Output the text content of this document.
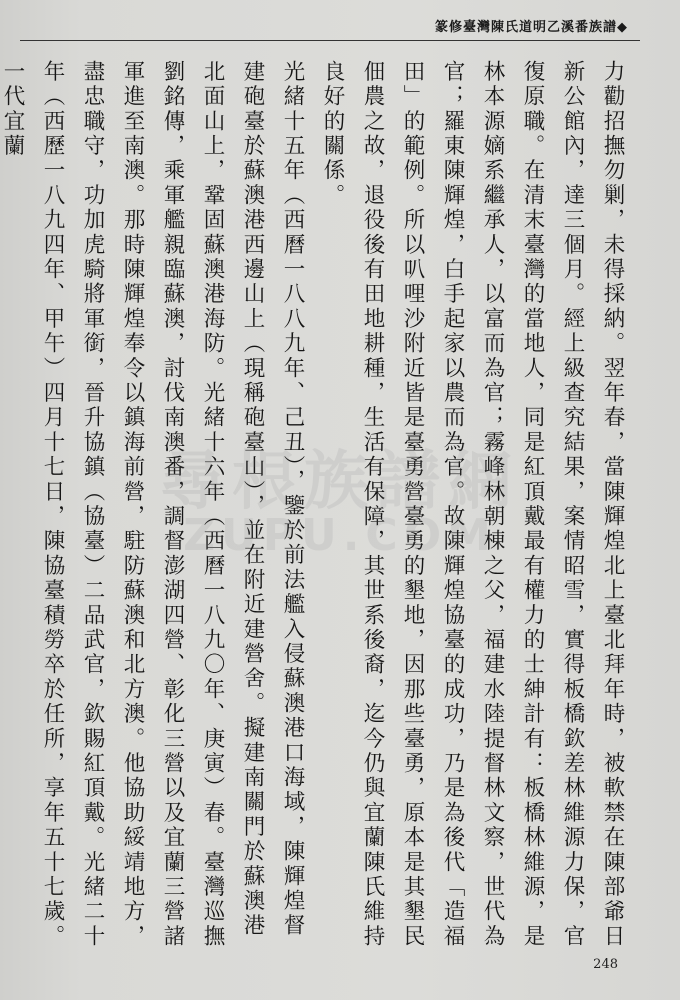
篆修臺灣陳氏道明乙溪番族譜◆

力勸招撫勿剿，未得採納。翌年春，當陳輝煌北上臺北拜年時，被軟禁在陳部爺日新公館內，達三個月。經上級查究結果，案情昭雪，實得板橋欽差林維源力保，官復原職。在清末臺灣的當地人，同是紅頂戴最有權力的士紳計有：板橋林維源，是林本源嫡系繼承人，以富而為官；霧峰林朝棟之父，福建水陸提督林文察，世代為官；羅東陳輝煌，白手起家以農而為官。故陳輝煌協臺的成功，乃是為後代「造福田」的範例。所以叭哩沙附近皆是臺勇營臺勇的墾地，因那些臺勇，原本是其墾民佃農之故，退役後有田地耕種，生活有保障，其世系後裔，迄今仍與宜蘭陳氏維持良好的關係。

光緒十五年（西曆一八八九年、己丑），鑒於前法艦入侵蘇澳港口海域，陳輝煌督建砲臺於蘇澳港西邊山上（現稱砲臺山），並在附近建營舍。擬建南關門於蘇澳港北面山上，鞏固蘇澳港海防。光緒十六年（西曆一八九〇年、庚寅）春。臺灣巡撫劉銘傳，乘軍艦親臨蘇澳，討伐南澳番，調督澎湖四營、彰化三營以及宜蘭三營諸軍進至南澳。那時陳輝煌奉令以鎮海前營，駐防蘇澳和北方澳。他協助綏靖地方，盡忠職守，功加虎騎將軍銜，晉升協鎮（協臺）二品武官，欽賜紅頂戴。光緒二十年（西歷一八九四年、甲午）四月十七日，陳協臺積勞卒於任所，享年五十七歲。一代宜蘭

尋根族譜網
ZUPU.COM
248
